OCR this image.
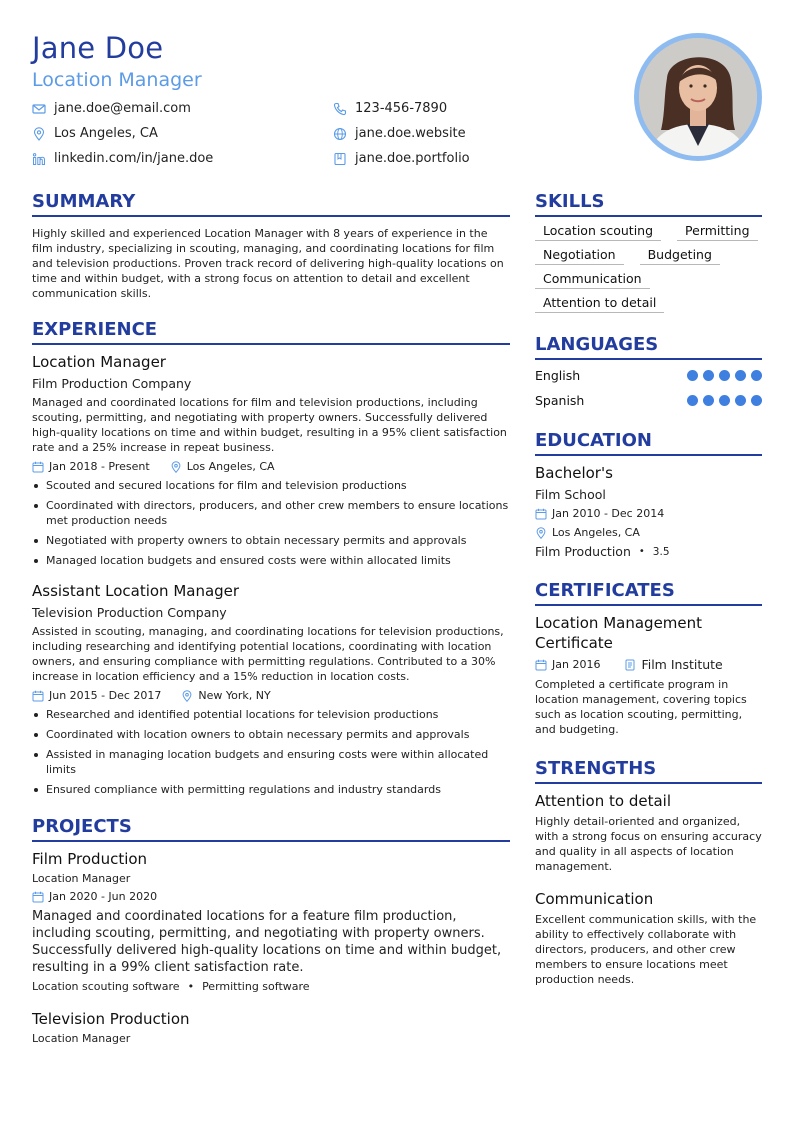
Jane Doe
Location Manager
jane.doe@email.com	123-456-7890
Los Angeles, CA	jane.doe.website
linkedin.com/in/jane.doe	jane.doe.portfolio
SUMMARY
Highly skilled and experienced Location Manager with 8 years of experience in the film industry, specializing in scouting, managing, and coordinating locations for film and television productions. Proven track record of delivering high-quality locations on time and within budget, with a strong focus on attention to detail and excellent communication skills.
EXPERIENCE
Location Manager
Film Production Company
Managed and coordinated locations for film and television productions, including scouting, permitting, and negotiating with property owners. Successfully delivered high-quality locations on time and within budget, resulting in a 95% client satisfaction rate and a 25% increase in repeat business.
Jan 2018 - Present	Los Angeles, CA
Scouted and secured locations for film and television productions
Coordinated with directors, producers, and other crew members to ensure locations met production needs
Negotiated with property owners to obtain necessary permits and approvals
Managed location budgets and ensured costs were within allocated limits
Assistant Location Manager
Television Production Company
Assisted in scouting, managing, and coordinating locations for television productions, including researching and identifying potential locations, coordinating with location owners, and ensuring compliance with permitting regulations. Contributed to a 30% increase in location efficiency and a 15% reduction in location costs.
Jun 2015 - Dec 2017	New York, NY
Researched and identified potential locations for television productions
Coordinated with location owners to obtain necessary permits and approvals
Assisted in managing location budgets and ensuring costs were within allocated limits
Ensured compliance with permitting regulations and industry standards
PROJECTS
Film Production
Location Manager
Jan 2020 - Jun 2020
Managed and coordinated locations for a feature film production, including scouting, permitting, and negotiating with property owners. Successfully delivered high-quality locations on time and within budget, resulting in a 99% client satisfaction rate.
Location scouting software • Permitting software
Television Production
Location Manager
SKILLS
Location scouting	Permitting
Negotiation	Budgeting
Communication
Attention to detail
LANGUAGES
English
Spanish
EDUCATION
Bachelor's
Film School
Jan 2010 - Dec 2014
Los Angeles, CA
Film Production • 3.5
CERTIFICATES
Location Management Certificate
Jan 2016	Film Institute
Completed a certificate program in location management, covering topics such as location scouting, permitting, and budgeting.
STRENGTHS
Attention to detail
Highly detail-oriented and organized, with a strong focus on ensuring accuracy and quality in all aspects of location management.
Communication
Excellent communication skills, with the ability to effectively collaborate with directors, producers, and other crew members to ensure locations meet production needs.
